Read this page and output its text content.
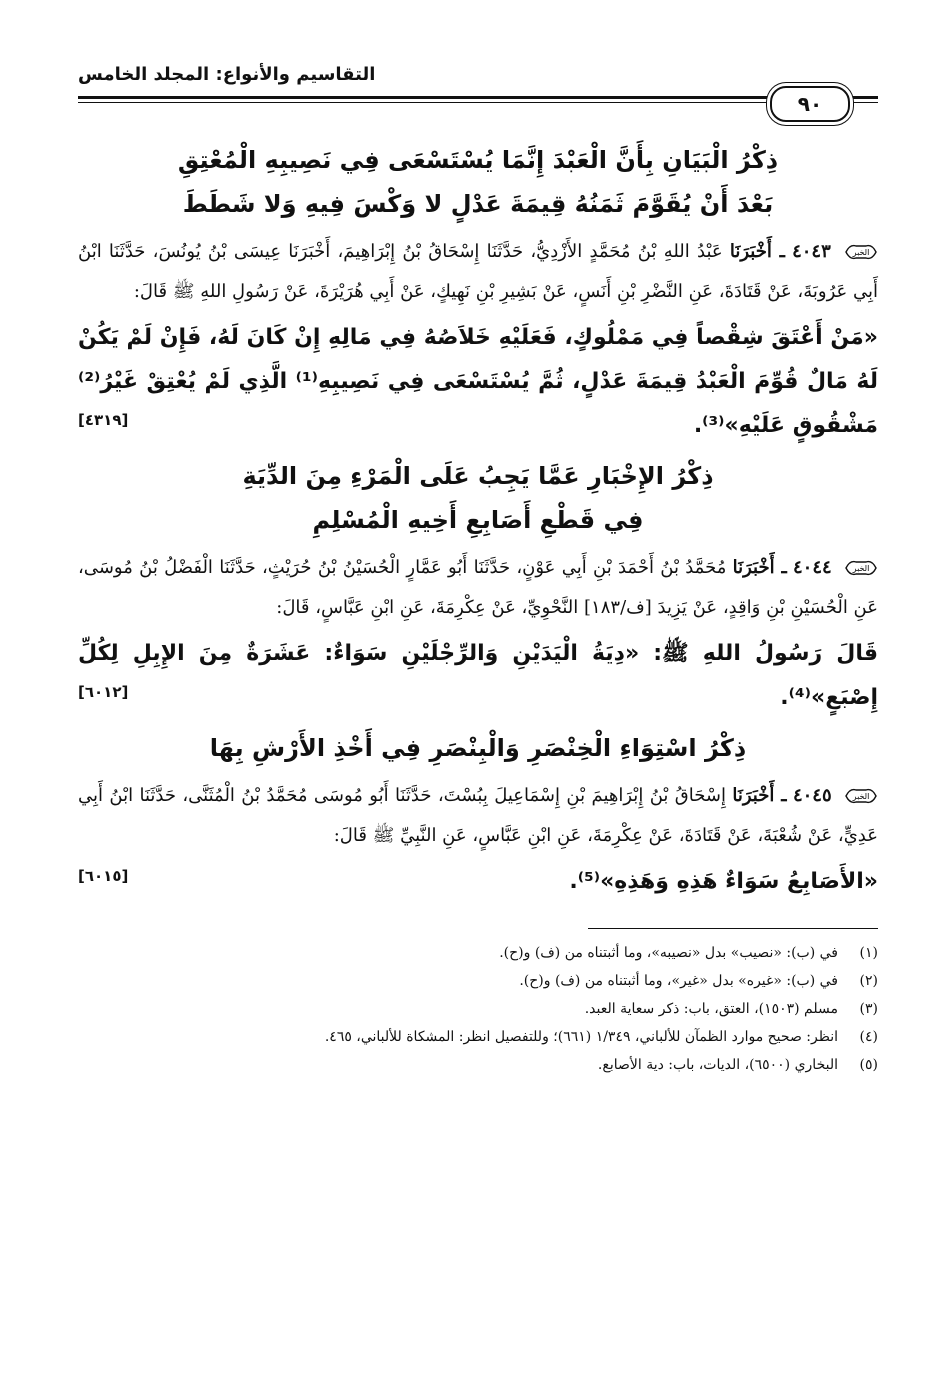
التقاسيم والأنواع: المجلد الخامس
٩٠
ذِكْرُ الْبَيَانِ بِأَنَّ الْعَبْدَ إِنَّمَا يُسْتَسْعَى فِي نَصِيبِهِ الْمُعْتِقِ
بَعْدَ أَنْ يُقَوَّمَ ثَمَنُهُ قِيمَةَ عَدْلٍ لا وَكْسَ فِيهِ وَلا شَطَطَ

الخبر
٤٠٤٣ ـ أَخْبَرَنَا عَبْدُ اللهِ بْنُ مُحَمَّدٍ الأَزْدِيُّ، حَدَّثَنَا إِسْحَاقُ بْنُ إِبْرَاهِيمَ، أَخْبَرَنَا عِيسَى بْنُ يُونُسَ، حَدَّثَنَا ابْنُ أَبِي عَرُوبَةَ، عَنْ قَتَادَةَ، عَنِ النَّضْرِ بْنِ أَنَسٍ، عَنْ بَشِيرِ بْنِ نَهِيكٍ، عَنْ أَبِي هُرَيْرَةَ، عَنْ رَسُولِ اللهِ ﷺ قَالَ:

«مَنْ أَعْتَقَ شِقْصاً فِي مَمْلُوكٍ، فَعَلَيْهِ خَلاَصُهُ فِي مَالِهِ إِنْ كَانَ لَهُ، فَإِنْ لَمْ يَكُنْ لَهُ مَالٌ قُوِّمَ الْعَبْدُ قِيمَةَ عَدْلٍ، ثُمَّ يُسْتَسْعَى فِي نَصِيبِهِ⁽¹⁾ الَّذِي لَمْ يُعْتِقْ غَيْرُ⁽²⁾ مَشْقُوقٍ عَلَيْهِ»⁽³⁾.
[٤٣١٩]

ذِكْرُ الإِخْبَارِ عَمَّا يَجِبُ عَلَى الْمَرْءِ مِنَ الدِّيَةِ
فِي قَطْعِ أَصَابِعِ أَخِيهِ الْمُسْلِمِ

الخبر
٤٠٤٤ ـ أَخْبَرَنَا مُحَمَّدُ بْنُ أَحْمَدَ بْنِ أَبِي عَوْنٍ، حَدَّثَنَا أَبُو عَمَّارٍ الْحُسَيْنُ بْنُ حُرَيْثٍ، حَدَّثَنَا الْفَضْلُ بْنُ مُوسَى، عَنِ الْحُسَيْنِ بْنِ وَاقِدٍ، عَنْ يَزِيدَ [ف/١٨٣] النَّحْوِيِّ، عَنْ عِكْرِمَةَ، عَنِ ابْنِ عَبَّاسٍ، قَالَ:

قَالَ رَسُولُ اللهِ ﷺ: «دِيَةُ الْيَدَيْنِ وَالرِّجْلَيْنِ سَوَاءٌ: عَشَرَةٌ مِنَ الإِبِلِ لِكُلِّ إِصْبَعٍ»⁽⁴⁾.
[٦٠١٢]

ذِكْرُ اسْتِوَاءِ الْخِنْصَرِ وَالْبِنْصَرِ فِي أَخْذِ الأَرْشِ بِهَا

الخبر
٤٠٤٥ ـ أَخْبَرَنَا إِسْحَاقُ بْنُ إِبْرَاهِيمَ بْنِ إِسْمَاعِيلَ بِبُسْتَ، حَدَّثَنَا أَبُو مُوسَى مُحَمَّدُ بْنُ الْمُثَنَّى، حَدَّثَنَا ابْنُ أَبِي عَدِيٍّ، عَنْ شُعْبَةَ، عَنْ قَتَادَةَ، عَنْ عِكْرِمَةَ، عَنِ ابْنِ عَبَّاسٍ، عَنِ النَّبِيِّ ﷺ قَالَ:

«الأَصَابِعُ سَوَاءٌ هَذِهِ وَهَذِهِ»⁽⁵⁾.
[٦٠١٥]

(١)في (ب): «نصيب» بدل «نصيبه»، وما أثبتناه من (ف) و(ح).
(٢)في (ب): «غيره» بدل «غير»، وما أثبتناه من (ف) و(ح).
(٣)مسلم (١٥٠٣)، العتق، باب: ذكر سعاية العبد.
(٤)انظر: صحيح موارد الظمآن للألباني، ١/٣٤٩ (٦٦١)؛ وللتفصيل انظر: المشكاة للألباني، ٤٦٥.
(٥)البخاري (٦٥٠٠)، الديات، باب: دية الأصابع.
